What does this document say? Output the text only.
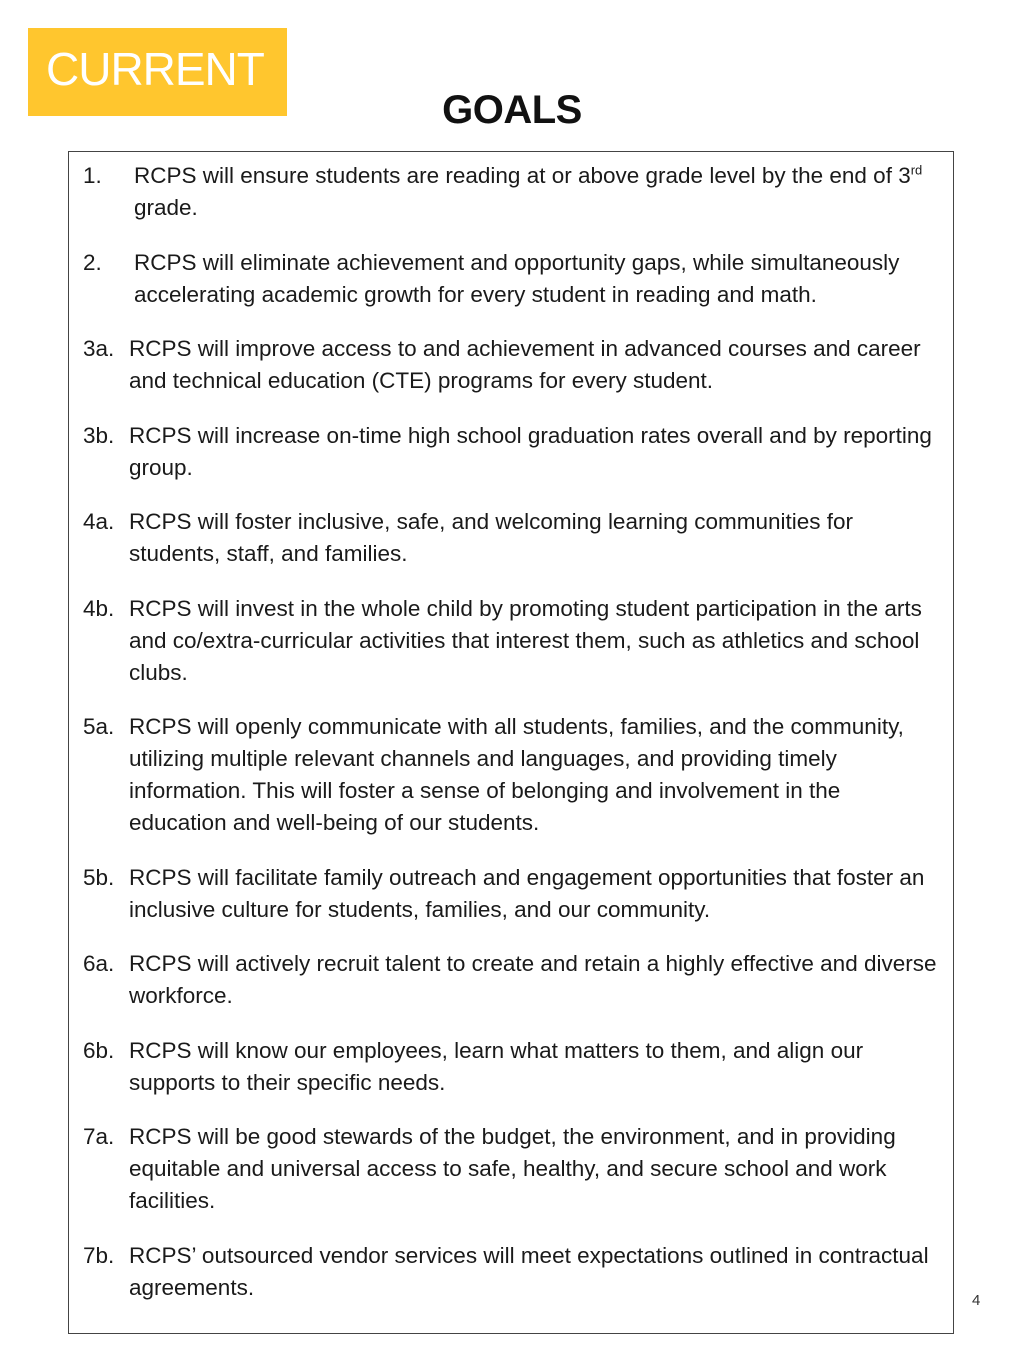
CURRENT
GOALS
1.	RCPS will ensure students are reading at or above grade level by the end of 3rd grade.
2.	RCPS will eliminate achievement and opportunity gaps, while simultaneously accelerating academic growth for every student in reading and math.
3a. RCPS will improve access to and achievement in advanced courses and career and technical education (CTE) programs for every student.
3b. RCPS will increase on-time high school graduation rates overall and by reporting group.
4a. RCPS will foster inclusive, safe, and welcoming learning communities for students, staff, and families.
4b. RCPS will invest in the whole child by promoting student participation in the arts and co/extra-curricular activities that interest them, such as athletics and school clubs.
5a. RCPS will openly communicate with all students, families, and the community, utilizing multiple relevant channels and languages, and providing timely information. This will foster a sense of belonging and involvement in the education and well-being of our students.
5b. RCPS will facilitate family outreach and engagement opportunities that foster an inclusive culture for students, families, and our community.
6a. RCPS will actively recruit talent to create and retain a highly effective and diverse workforce.
6b. RCPS will know our employees, learn what matters to them, and align our supports to their specific needs.
7a. RCPS will be good stewards of the budget, the environment, and in providing equitable and universal access to safe, healthy, and secure school and work facilities.
7b. RCPS’ outsourced vendor services will meet expectations outlined in contractual agreements.
4
